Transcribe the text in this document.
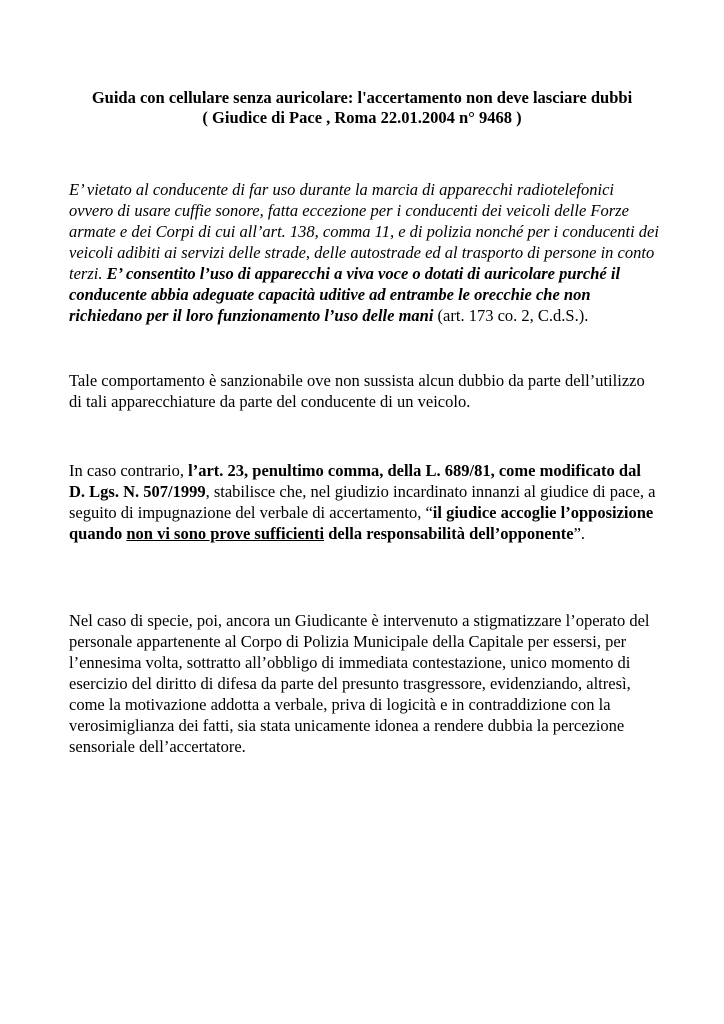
Guida con cellulare senza auricolare: l'accertamento non deve lasciare dubbi
( Giudice di Pace , Roma 22.01.2004 n° 9468 )

E’ vietato al conducente di far uso durante la marcia di apparecchi radiotelefonici ovvero di usare cuffie sonore, fatta eccezione per i conducenti dei veicoli delle Forze armate e dei Corpi di cui all’art. 138, comma 11, e di polizia nonché per i conducenti dei veicoli adibiti ai servizi delle strade, delle autostrade ed al trasporto di persone in conto terzi. E’ consentito l’uso di apparecchi a viva voce o dotati di auricolare purché il conducente abbia adeguate capacità uditive ad entrambe le orecchie che non richiedano per il loro funzionamento l’uso delle mani (art. 173 co. 2, C.d.S.).

Tale comportamento è sanzionabile ove non sussista alcun dubbio da parte dell’utilizzo di tali apparecchiature da parte del conducente di un veicolo.

In caso contrario, l’art. 23, penultimo comma, della L. 689/81, come modificato dal D. Lgs. N. 507/1999, stabilisce che, nel giudizio incardinato innanzi al giudice di pace, a seguito di impugnazione del verbale di accertamento, “il giudice accoglie l’opposizione quando non vi sono prove sufficienti della responsabilità dell’opponente”.

Nel caso di specie, poi, ancora un Giudicante è intervenuto a stigmatizzare l’operato del personale appartenente al Corpo di Polizia Municipale della Capitale per essersi, per l’ennesima volta, sottratto all’obbligo di immediata contestazione, unico momento di esercizio del diritto di difesa da parte del presunto trasgressore, evidenziando, altresì, come la motivazione addotta a verbale, priva di logicità e in contraddizione con la verosimiglianza dei fatti, sia stata unicamente idonea a rendere dubbia la percezione sensoriale dell’accertatore.
